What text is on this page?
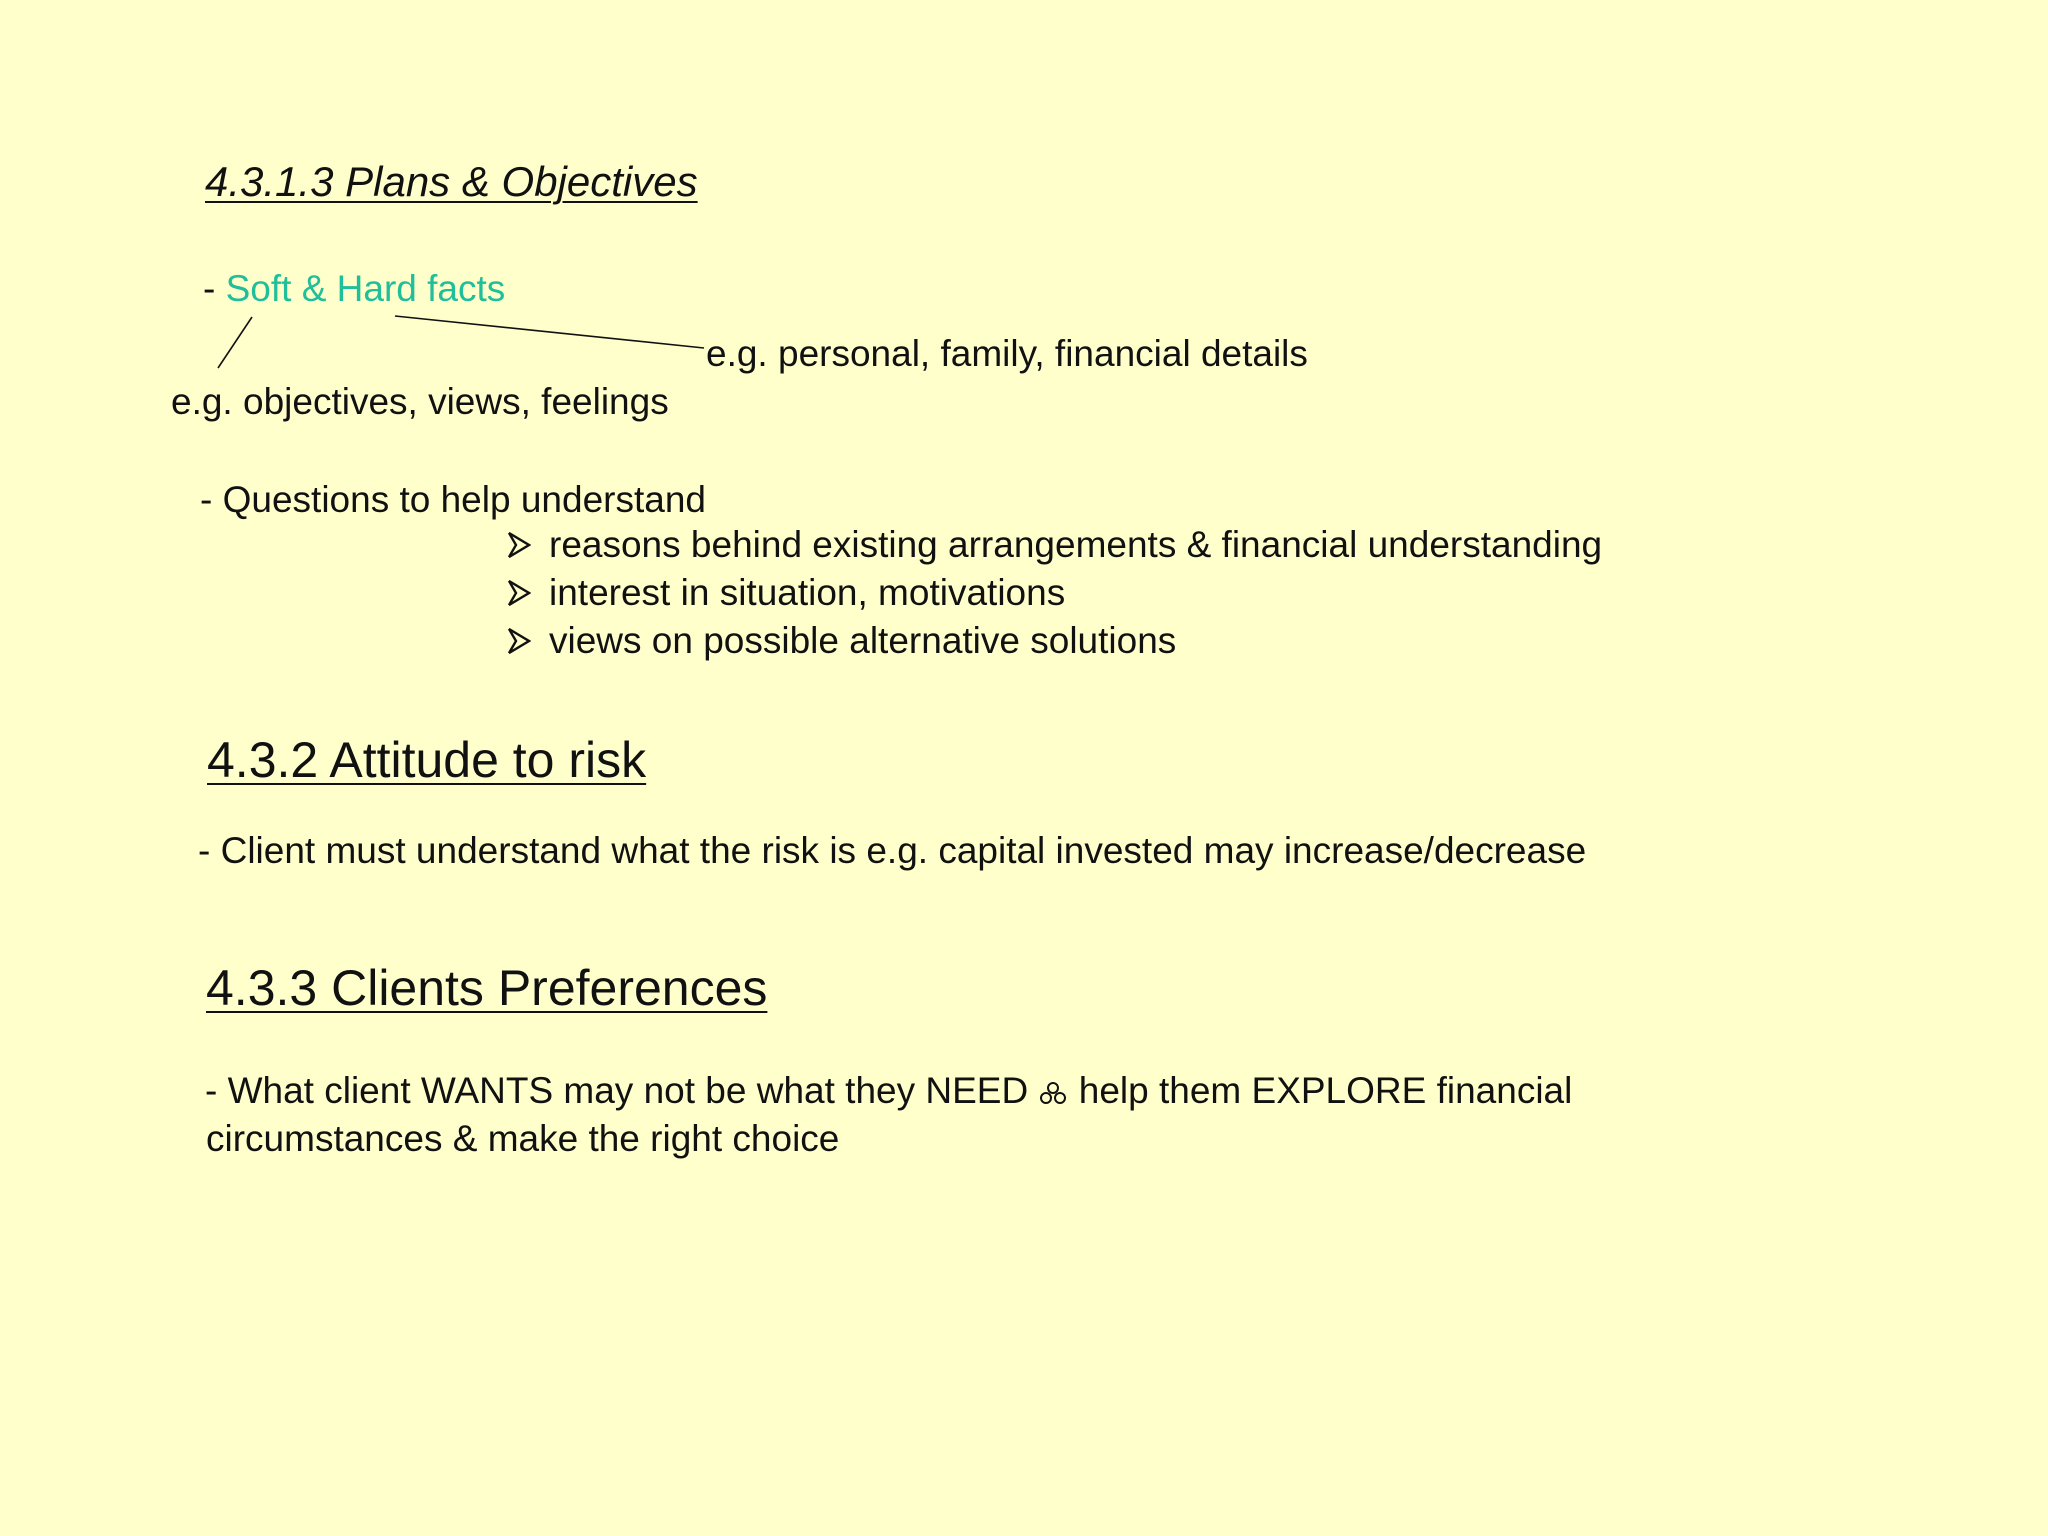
4.3.1.3 Plans & Objectives
- Soft & Hard facts
e.g. personal, family, financial details
e.g. objectives, views, feelings
- Questions to help understand
reasons behind existing arrangements & financial understanding
interest in situation, motivations
views on possible alternative solutions
4.3.2 Attitude to risk
- Client must understand what the risk is e.g. capital invested may increase/decrease
4.3.3 Clients Preferences
- What client WANTS may not be what they NEED  help them EXPLORE financial
circumstances & make the right choice
